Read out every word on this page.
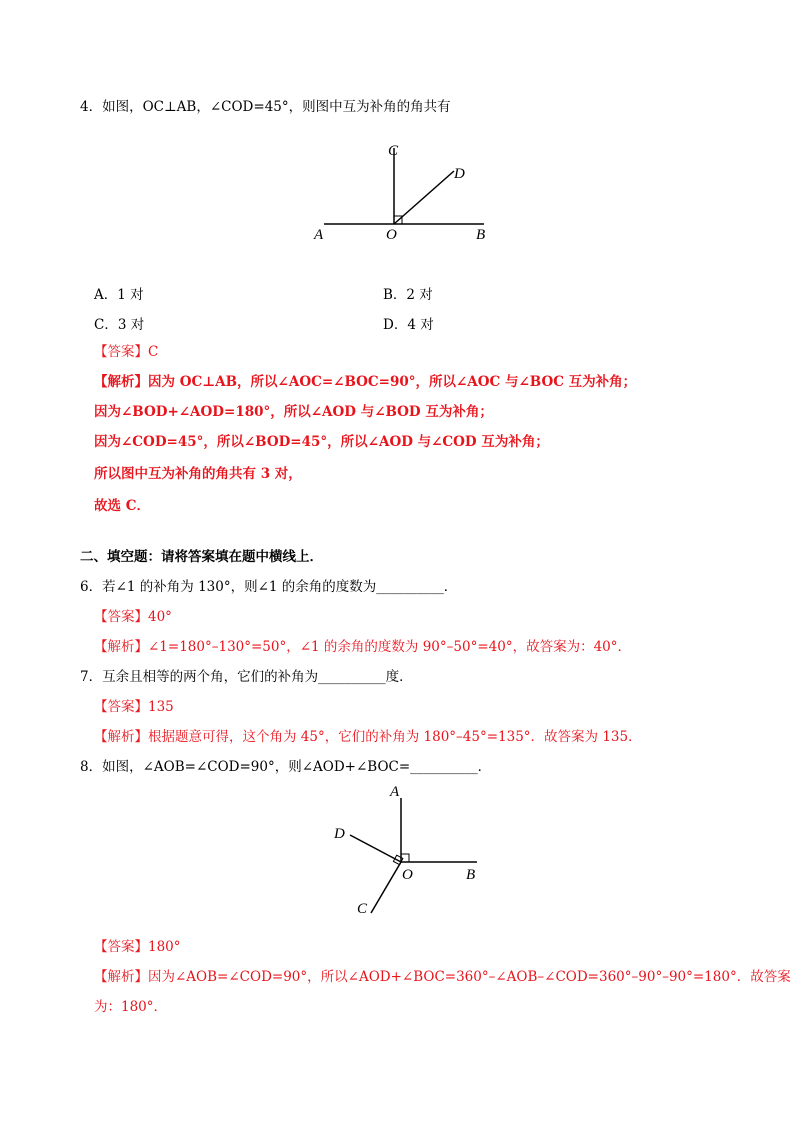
4．如图，OC⊥AB，∠COD=45°，则图中互为补角的角共有
A	O	B
C
D
A．1 对	B．2 对
C．3 对	D．4 对
【答案】C
【解析】因为 OC⊥AB，所以∠AOC=∠BOC=90°，所以∠AOC 与∠BOC 互为补角；
因为∠BOD+∠AOD=180°，所以∠AOD 与∠BOD 互为补角；
因为∠COD=45°，所以∠BOD=45°，所以∠AOD 与∠COD 互为补角；
所以图中互为补角的角共有 3 对，
故选 C．
二、填空题：请将答案填在题中横线上．
6．若∠1 的补角为 130°，则∠1 的余角的度数为__________．
【答案】40°
【解析】∠1=180°–130°=50°，∠1 的余角的度数为 90°–50°=40°，故答案为：40°．
7．互余且相等的两个角，它们的补角为__________度．
【答案】135
【解析】根据题意可得，这个角为 45°，它们的补角为 180°–45°=135°．故答案为 135．
8．如图，∠AOB=∠COD=90°，则∠AOD+∠BOC=__________．
A
B
O
D
C
【答案】180°
【解析】因为∠AOB=∠COD=90°，所以∠AOD+∠BOC=360°–∠AOB–∠COD=360°–90°–90°=180°．故答案
为：180°．
